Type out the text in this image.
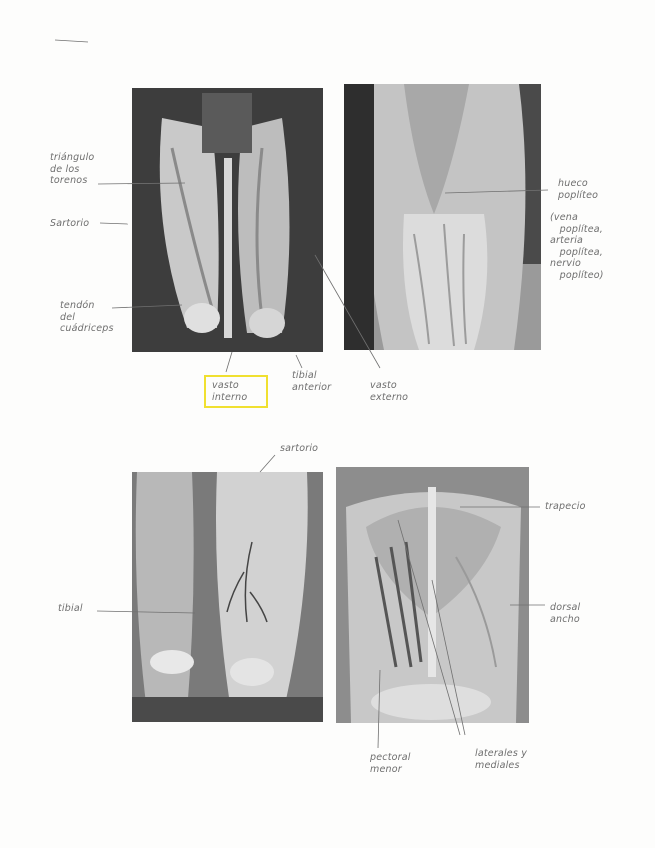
triángulo
de los
torenos
Sartorio
tendón
del
cuádriceps
vasto
interno
tibial
anterior	vasto
externo
hueco
poplíteo
(vena
poplítea,
arteria
poplítea,
nervio
poplíteo)
sartorio
tibial
trapecio
dorsal
ancho
pectoral
menor
laterales y
mediales
